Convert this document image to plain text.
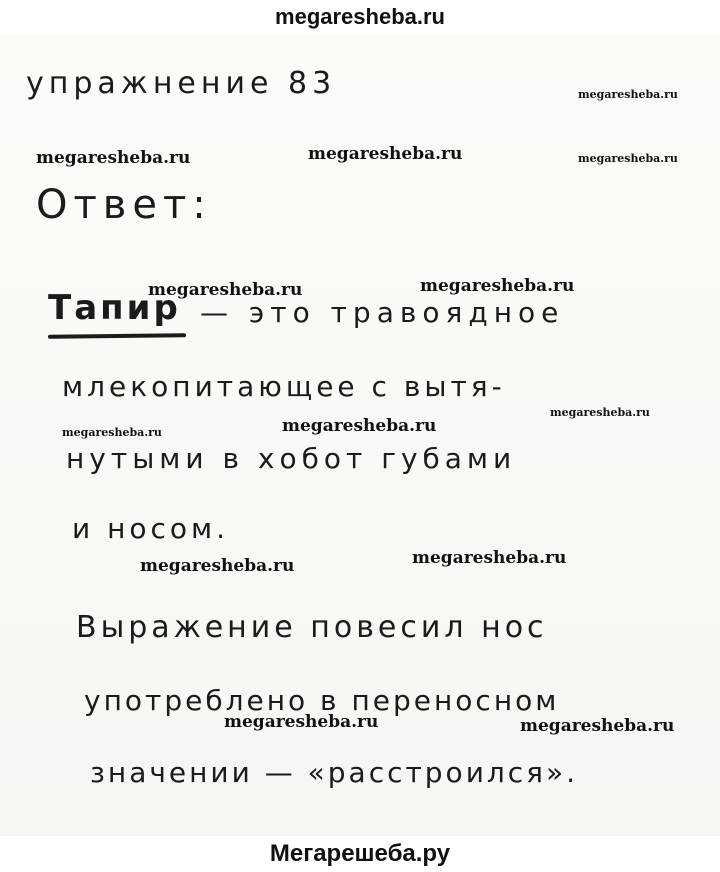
megaresheba.ru
упражнение 83
Ответ:
Тапир — это травоядное
млекопитающее с вытя-
нутыми в хобот губами
и носом.
Выражение повесил нос
употреблено в переносном
значении — «расстроился».
megaresheba.ru
megaresheba.ru	megaresheba.ru	megaresheba.ru
megaresheba.ru	megaresheba.ru
megaresheba.ru
megaresheba.ru	megaresheba.ru
megaresheba.ru
megaresheba.ru
megaresheba.ru	megaresheba.ru
Мегарешеба.ру
